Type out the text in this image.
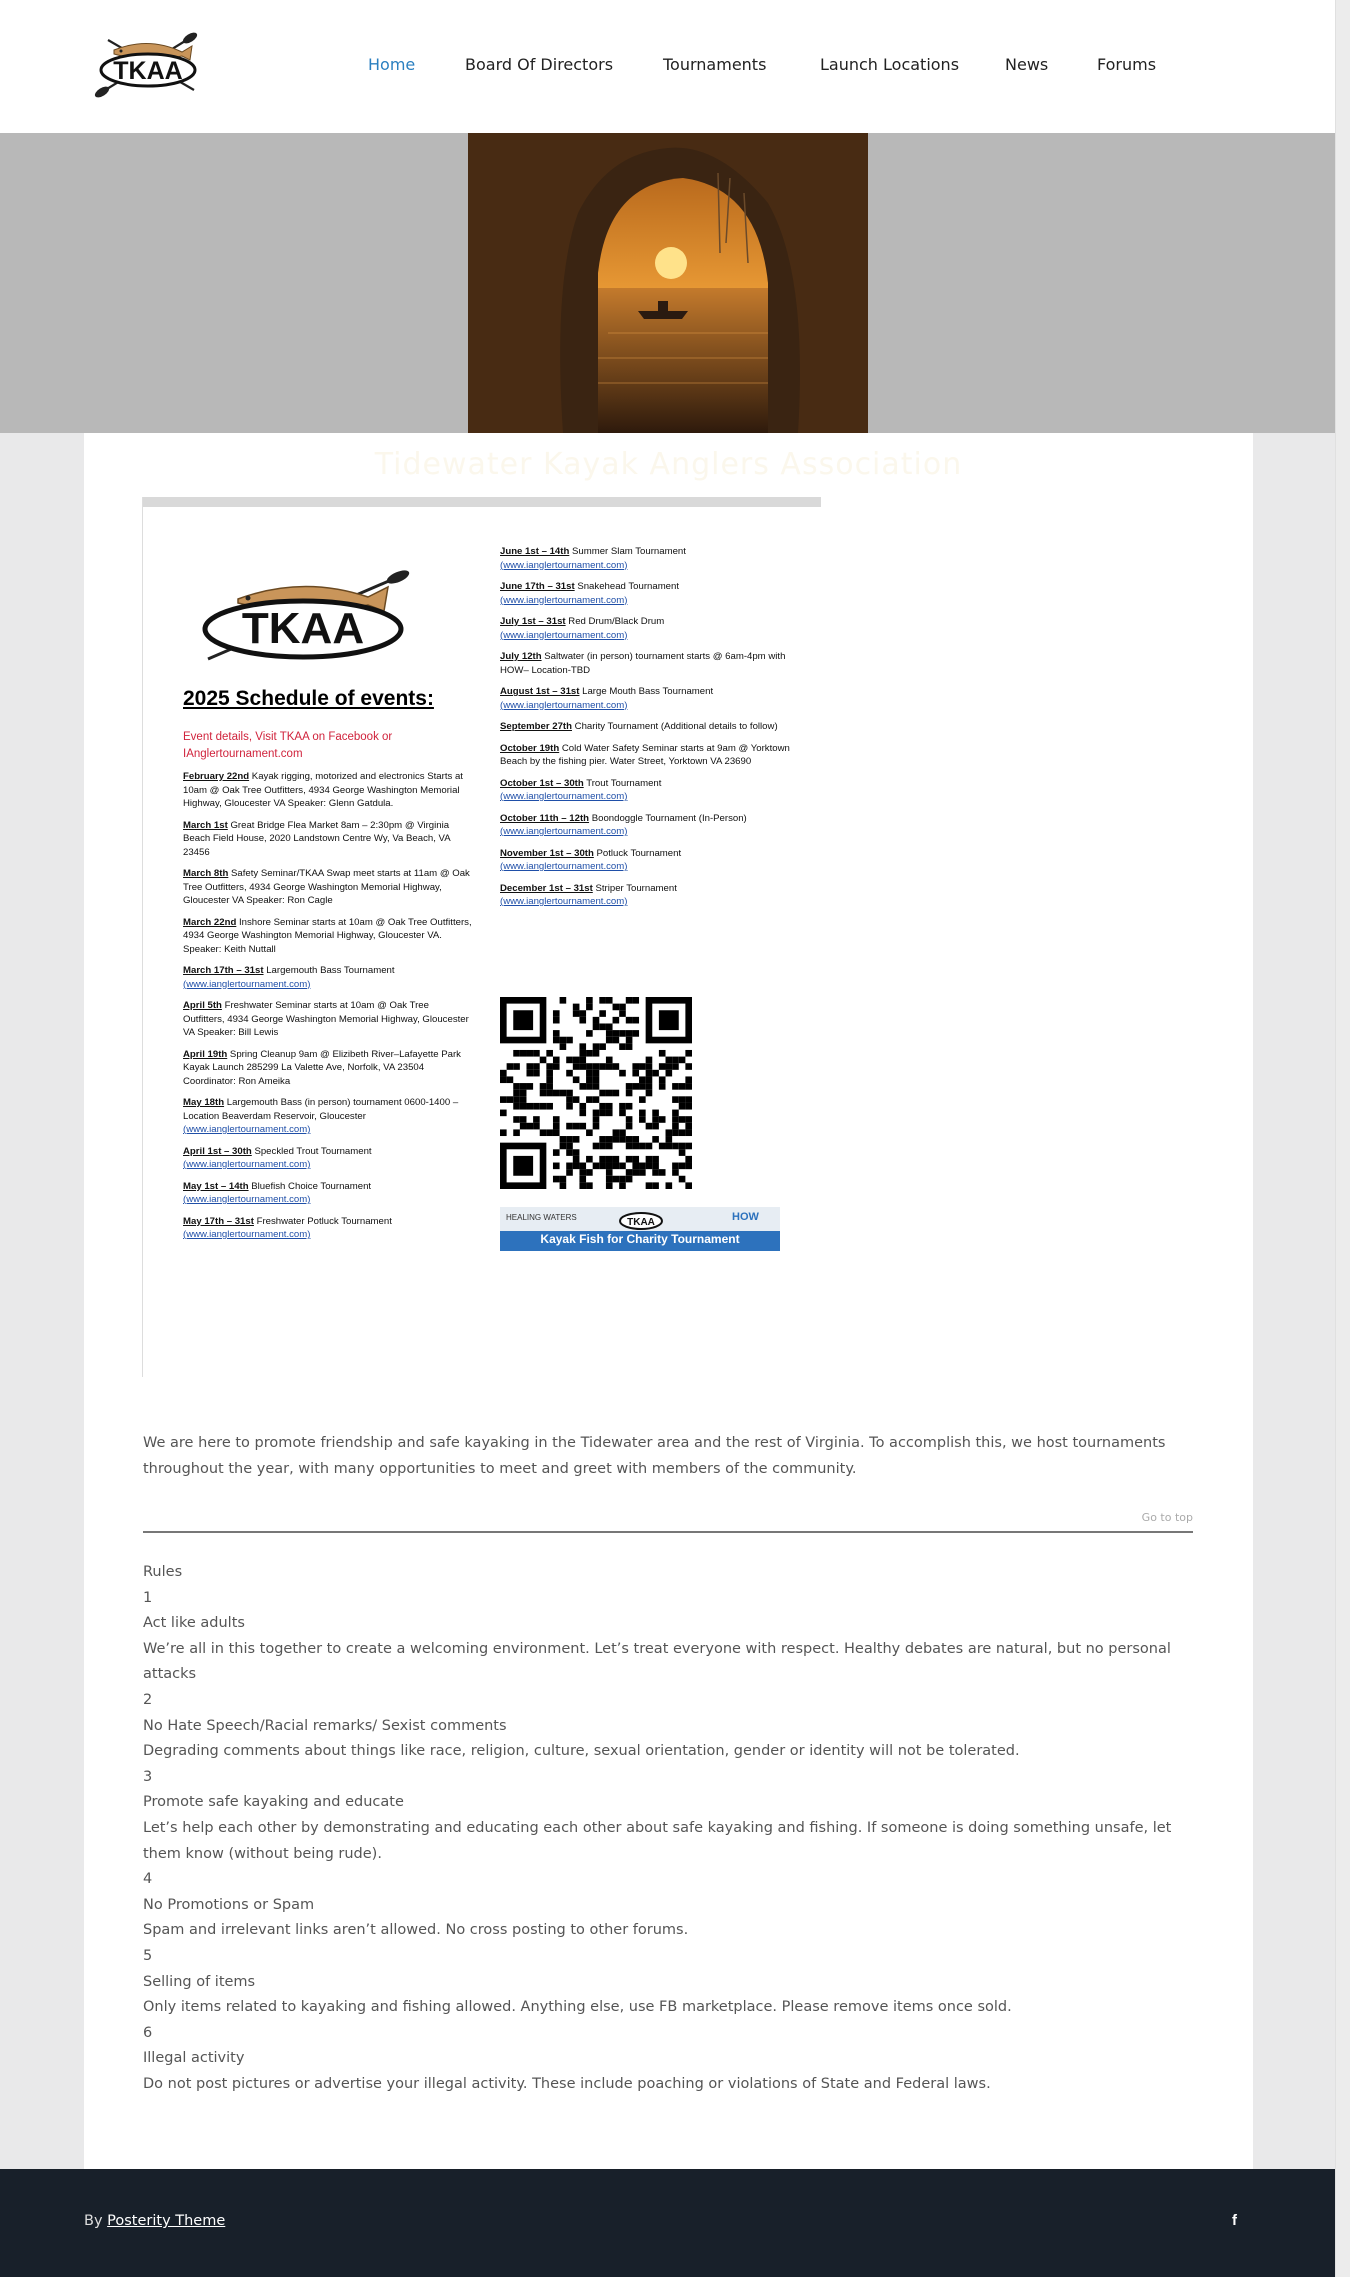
TKAA	Home	Board Of Directors	Tournaments	Launch Locations	News	Forums
Tidewater Kayak Anglers Association
TKAA
2025 Schedule of events:
Event details, Visit TKAA on Facebook or IAnglertournament.com
February 22nd Kayak rigging, motorized and electronics Starts at 10am @ Oak Tree Outfitters, 4934 George Washington Memorial Highway, Gloucester VA Speaker: Glenn Gatdula.
March 1st Great Bridge Flea Market 8am – 2:30pm @ Virginia Beach Field House, 2020 Landstown Centre Wy, Va Beach, VA 23456
March 8th Safety Seminar/TKAA Swap meet starts at 11am @ Oak Tree Outfitters, 4934 George Washington Memorial Highway, Gloucester VA Speaker: Ron Cagle
March 22nd Inshore Seminar starts at 10am @ Oak Tree Outfitters, 4934 George Washington Memorial Highway, Gloucester VA. Speaker: Keith Nuttall
March 17th – 31st Largemouth Bass Tournament
(www.ianglertournament.com)
April 5th Freshwater Seminar starts at 10am @ Oak Tree Outfitters, 4934 George Washington Memorial Highway, Gloucester VA Speaker: Bill Lewis
April 19th Spring Cleanup 9am @ Elizibeth River–Lafayette Park Kayak Launch 285299 La Valette Ave, Norfolk, VA 23504 Coordinator: Ron Ameika
May 18th Largemouth Bass (in person) tournament 0600-1400 – Location Beaverdam Reservoir, Gloucester
(www.ianglertournament.com)
April 1st – 30th Speckled Trout Tournament
(www.ianglertournament.com)
May 1st – 14th Bluefish Choice Tournament
(www.ianglertournament.com)
May 17th – 31st Freshwater Potluck Tournament
(www.ianglertournament.com)
June 1st – 14th Summer Slam Tournament
(www.ianglertournament.com)
June 17th – 31st Snakehead Tournament
(www.ianglertournament.com)
July 1st – 31st Red Drum/Black Drum
(www.ianglertournament.com)
July 12th Saltwater (in person) tournament starts @ 6am-4pm with HOW– Location-TBD
August 1st – 31st Large Mouth Bass Tournament
(www.ianglertournament.com)
September 27th Charity Tournament (Additional details to follow)
October 19th Cold Water Safety Seminar starts at 9am @ Yorktown Beach by the fishing pier. Water Street, Yorktown VA 23690
October 1st – 30th Trout Tournament
(www.ianglertournament.com)
October 11th – 12th Boondoggle Tournament (In-Person)
(www.ianglertournament.com)
November 1st – 30th Potluck Tournament
(www.ianglertournament.com)
December 1st – 31st Striper Tournament
(www.ianglertournament.com)
HEALING WATERS	TKAA	HOW
Kayak Fish for Charity Tournament
We are here to promote friendship and safe kayaking in the Tidewater area and the rest of Virginia. To accomplish this, we host tournaments throughout the year, with many opportunities to meet and greet with members of the community.
Go to top
Rules
1
Act like adults
We’re all in this together to create a welcoming environment. Let’s treat everyone with respect. Healthy debates are natural, but no personal attacks
2
No Hate Speech/Racial remarks/ Sexist comments
Degrading comments about things like race, religion, culture, sexual orientation, gender or identity will not be tolerated.
3
Promote safe kayaking and educate
Let’s help each other by demonstrating and educating each other about safe kayaking and fishing. If someone is doing something unsafe, let them know (without being rude).
4
No Promotions or Spam
Spam and irrelevant links aren’t allowed. No cross posting to other forums.
5
Selling of items
Only items related to kayaking and fishing allowed. Anything else, use FB marketplace. Please remove items once sold.
6
Illegal activity
Do not post pictures or advertise your illegal activity. These include poaching or violations of State and Federal laws.
By Posterity Theme	f
